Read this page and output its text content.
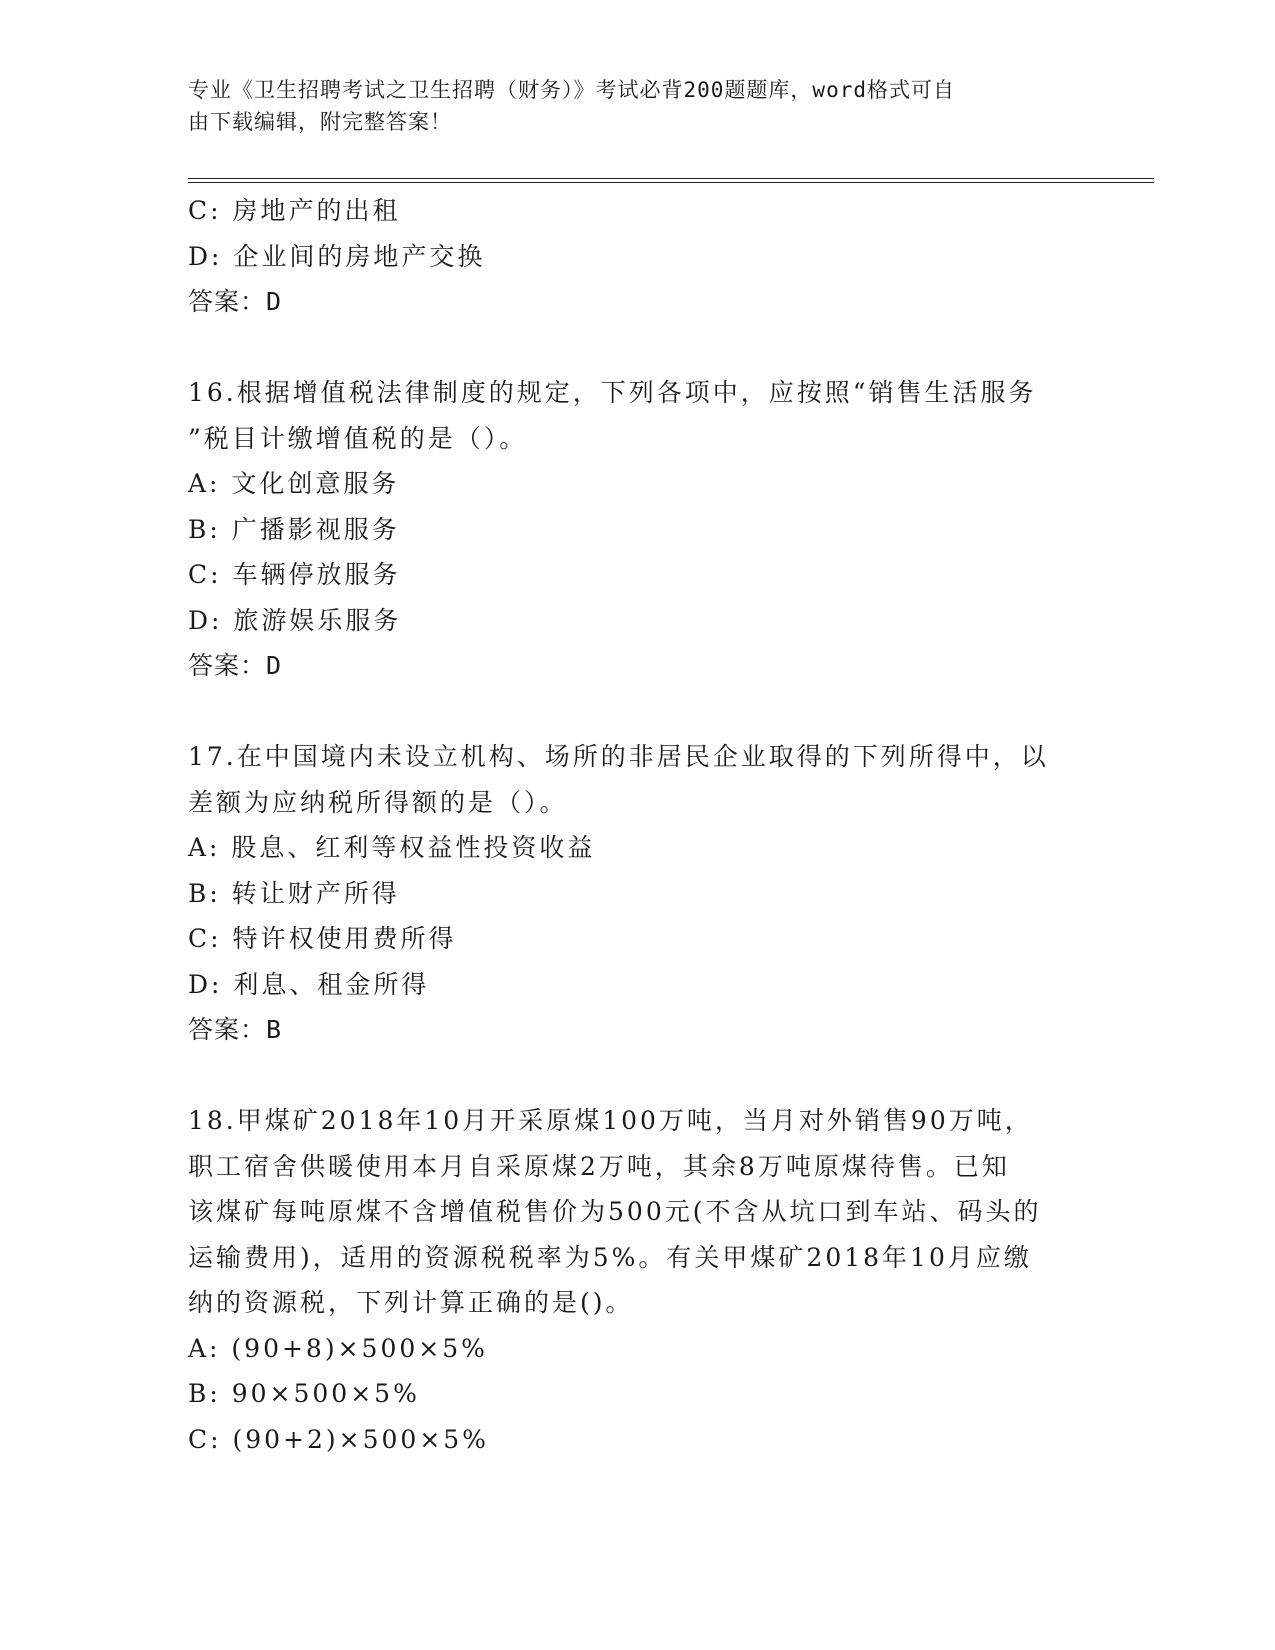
专业《卫生招聘考试之卫生招聘（财务）》考试必背200题题库，word格式可自
由下载编辑，附完整答案！
C: 房地产的出租
D: 企业间的房地产交换
答案：D
16.根据增值税法律制度的规定，下列各项中，应按照“销售生活服务
”税目计缴增值税的是（）。
A: 文化创意服务
B: 广播影视服务
C: 车辆停放服务
D: 旅游娱乐服务
答案：D
17.在中国境内未设立机构、场所的非居民企业取得的下列所得中，以
差额为应纳税所得额的是（）。
A: 股息、红利等权益性投资收益
B: 转让财产所得
C: 特许权使用费所得
D: 利息、租金所得
答案：B
18.甲煤矿2018年10月开采原煤100万吨，当月对外销售90万吨，
职工宿舍供暖使用本月自采原煤2万吨，其余8万吨原煤待售。已知
该煤矿每吨原煤不含增值税售价为500元(不含从坑口到车站、码头的
运输费用)，适用的资源税税率为5%。有关甲煤矿2018年10月应缴
纳的资源税，下列计算正确的是()。
A: (90+8)×500×5%
B: 90×500×5%
C: (90+2)×500×5%
